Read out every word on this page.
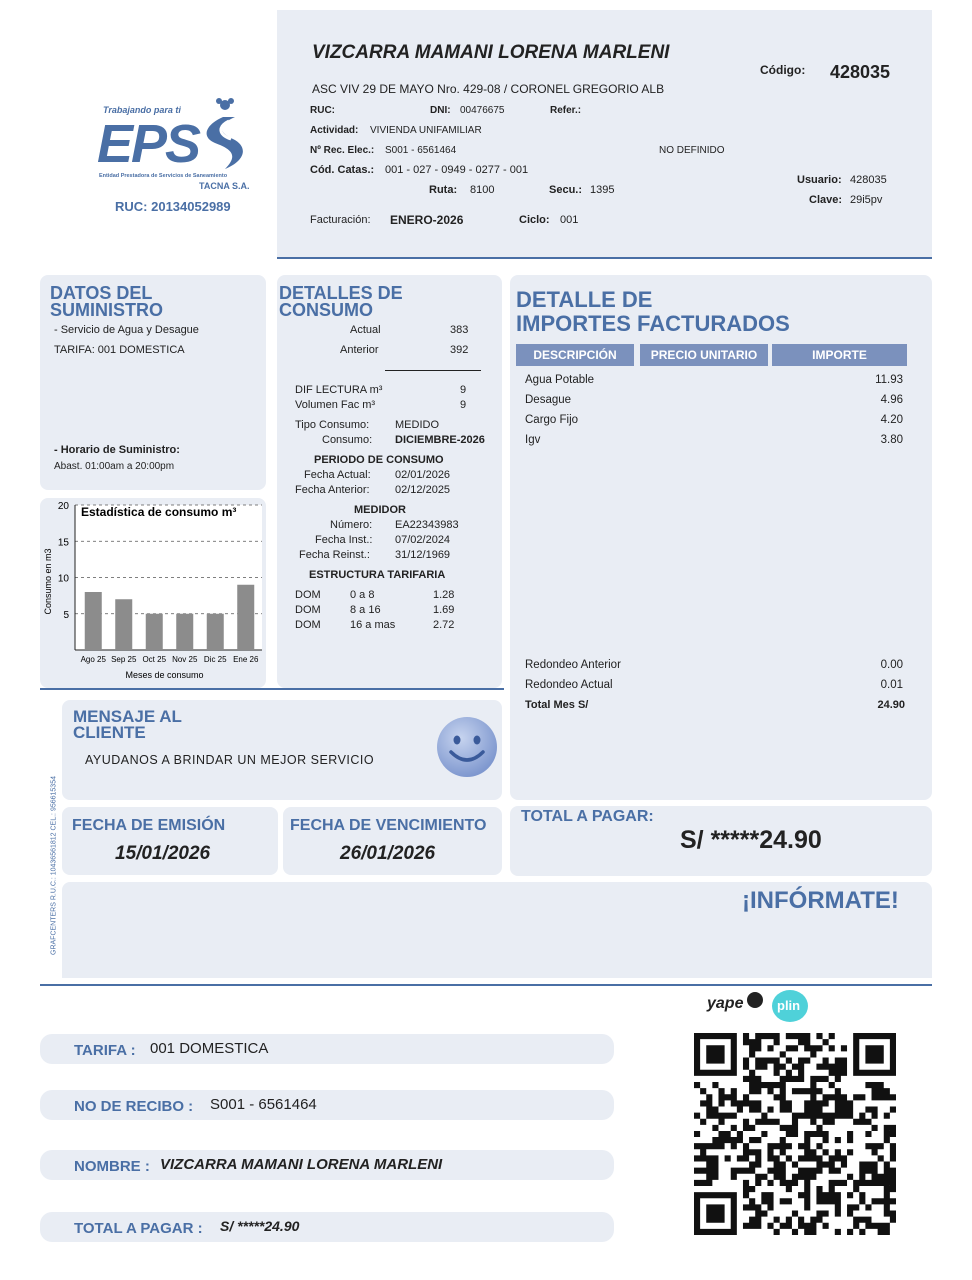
Trabajando para ti
EPS
Entidad Prestadora de Servicios de Saneamiento
TACNA S.A.
RUC: 20134052989
VIZCARRA MAMANI LORENA MARLENI
ASC VIV 29 DE MAYO Nro. 429-08 / CORONEL GREGORIO ALB
Código: 428035
RUC:	DNI: 00476675	Refer.:
Actividad: VIVIENDA UNIFAMILIAR
Nº Rec. Elec.: S001 - 6561464	NO DEFINIDO
Cód. Catas.: 001 - 027 - 0949 - 0277 - 001
Ruta: 8100	Secu.: 1395
Usuario: 428035
Clave: 29i5pv
Facturación: ENERO-2026	Ciclo: 001
DATOS DEL
SUMINISTRO
- Servicio de Agua y Desague
TARIFA: 001 DOMESTICA
- Horario de Suministro:
Abast. 01:00am a 20:00pm
5
10
15
20
Ago 25 Sep 25 Oct 25 Nov 25 Dic 25 Ene 26
Estadística de consumo m³
Meses de consumo
Consumo en m3
DETALLES DE
CONSUMO
Actual	383
Anterior	392
DIF LECTURA m³	9
Volumen Fac m³	9
Tipo Consumo: MEDIDO
Consumo: DICIEMBRE-2026
PERIODO DE CONSUMO
Fecha Actual: 02/01/2026
Fecha Anterior: 02/12/2025
MEDIDOR
Número: EA22343983
Fecha Inst.: 07/02/2024
Fecha Reinst.: 31/12/1969
ESTRUCTURA TARIFARIA
DOM	0 a 8	1.28
DOM	8 a 16	1.69
DOM	16 a mas	2.72
DETALLE DE
IMPORTES FACTURADOS
DESCRIPCIÓN	PRECIO UNITARIO	IMPORTE
Agua Potable	11.93
Desague	4.96
Cargo Fijo	4.20
Igv	3.80
Redondeo Anterior	0.00
Redondeo Actual	0.01
Total Mes S/	24.90
MENSAJE AL
CLIENTE
AYUDANOS A BRINDAR UN MEJOR SERVICIO
GRAFCENTERS R.U.C.: 10436561812 CEL.: 956615354 FECHA DE EMISIÓN
15/01/2026
FECHA DE VENCIMIENTO
26/01/2026
TOTAL A PAGAR:
S/ *****24.90
¡INFÓRMATE!
TARIFA : 001 DOMESTICA
NO DE RECIBO : S001 - 6561464
NOMBRE : VIZCARRA MAMANI LORENA MARLENI
TOTAL A PAGAR : S/ *****24.90
yape	plin
